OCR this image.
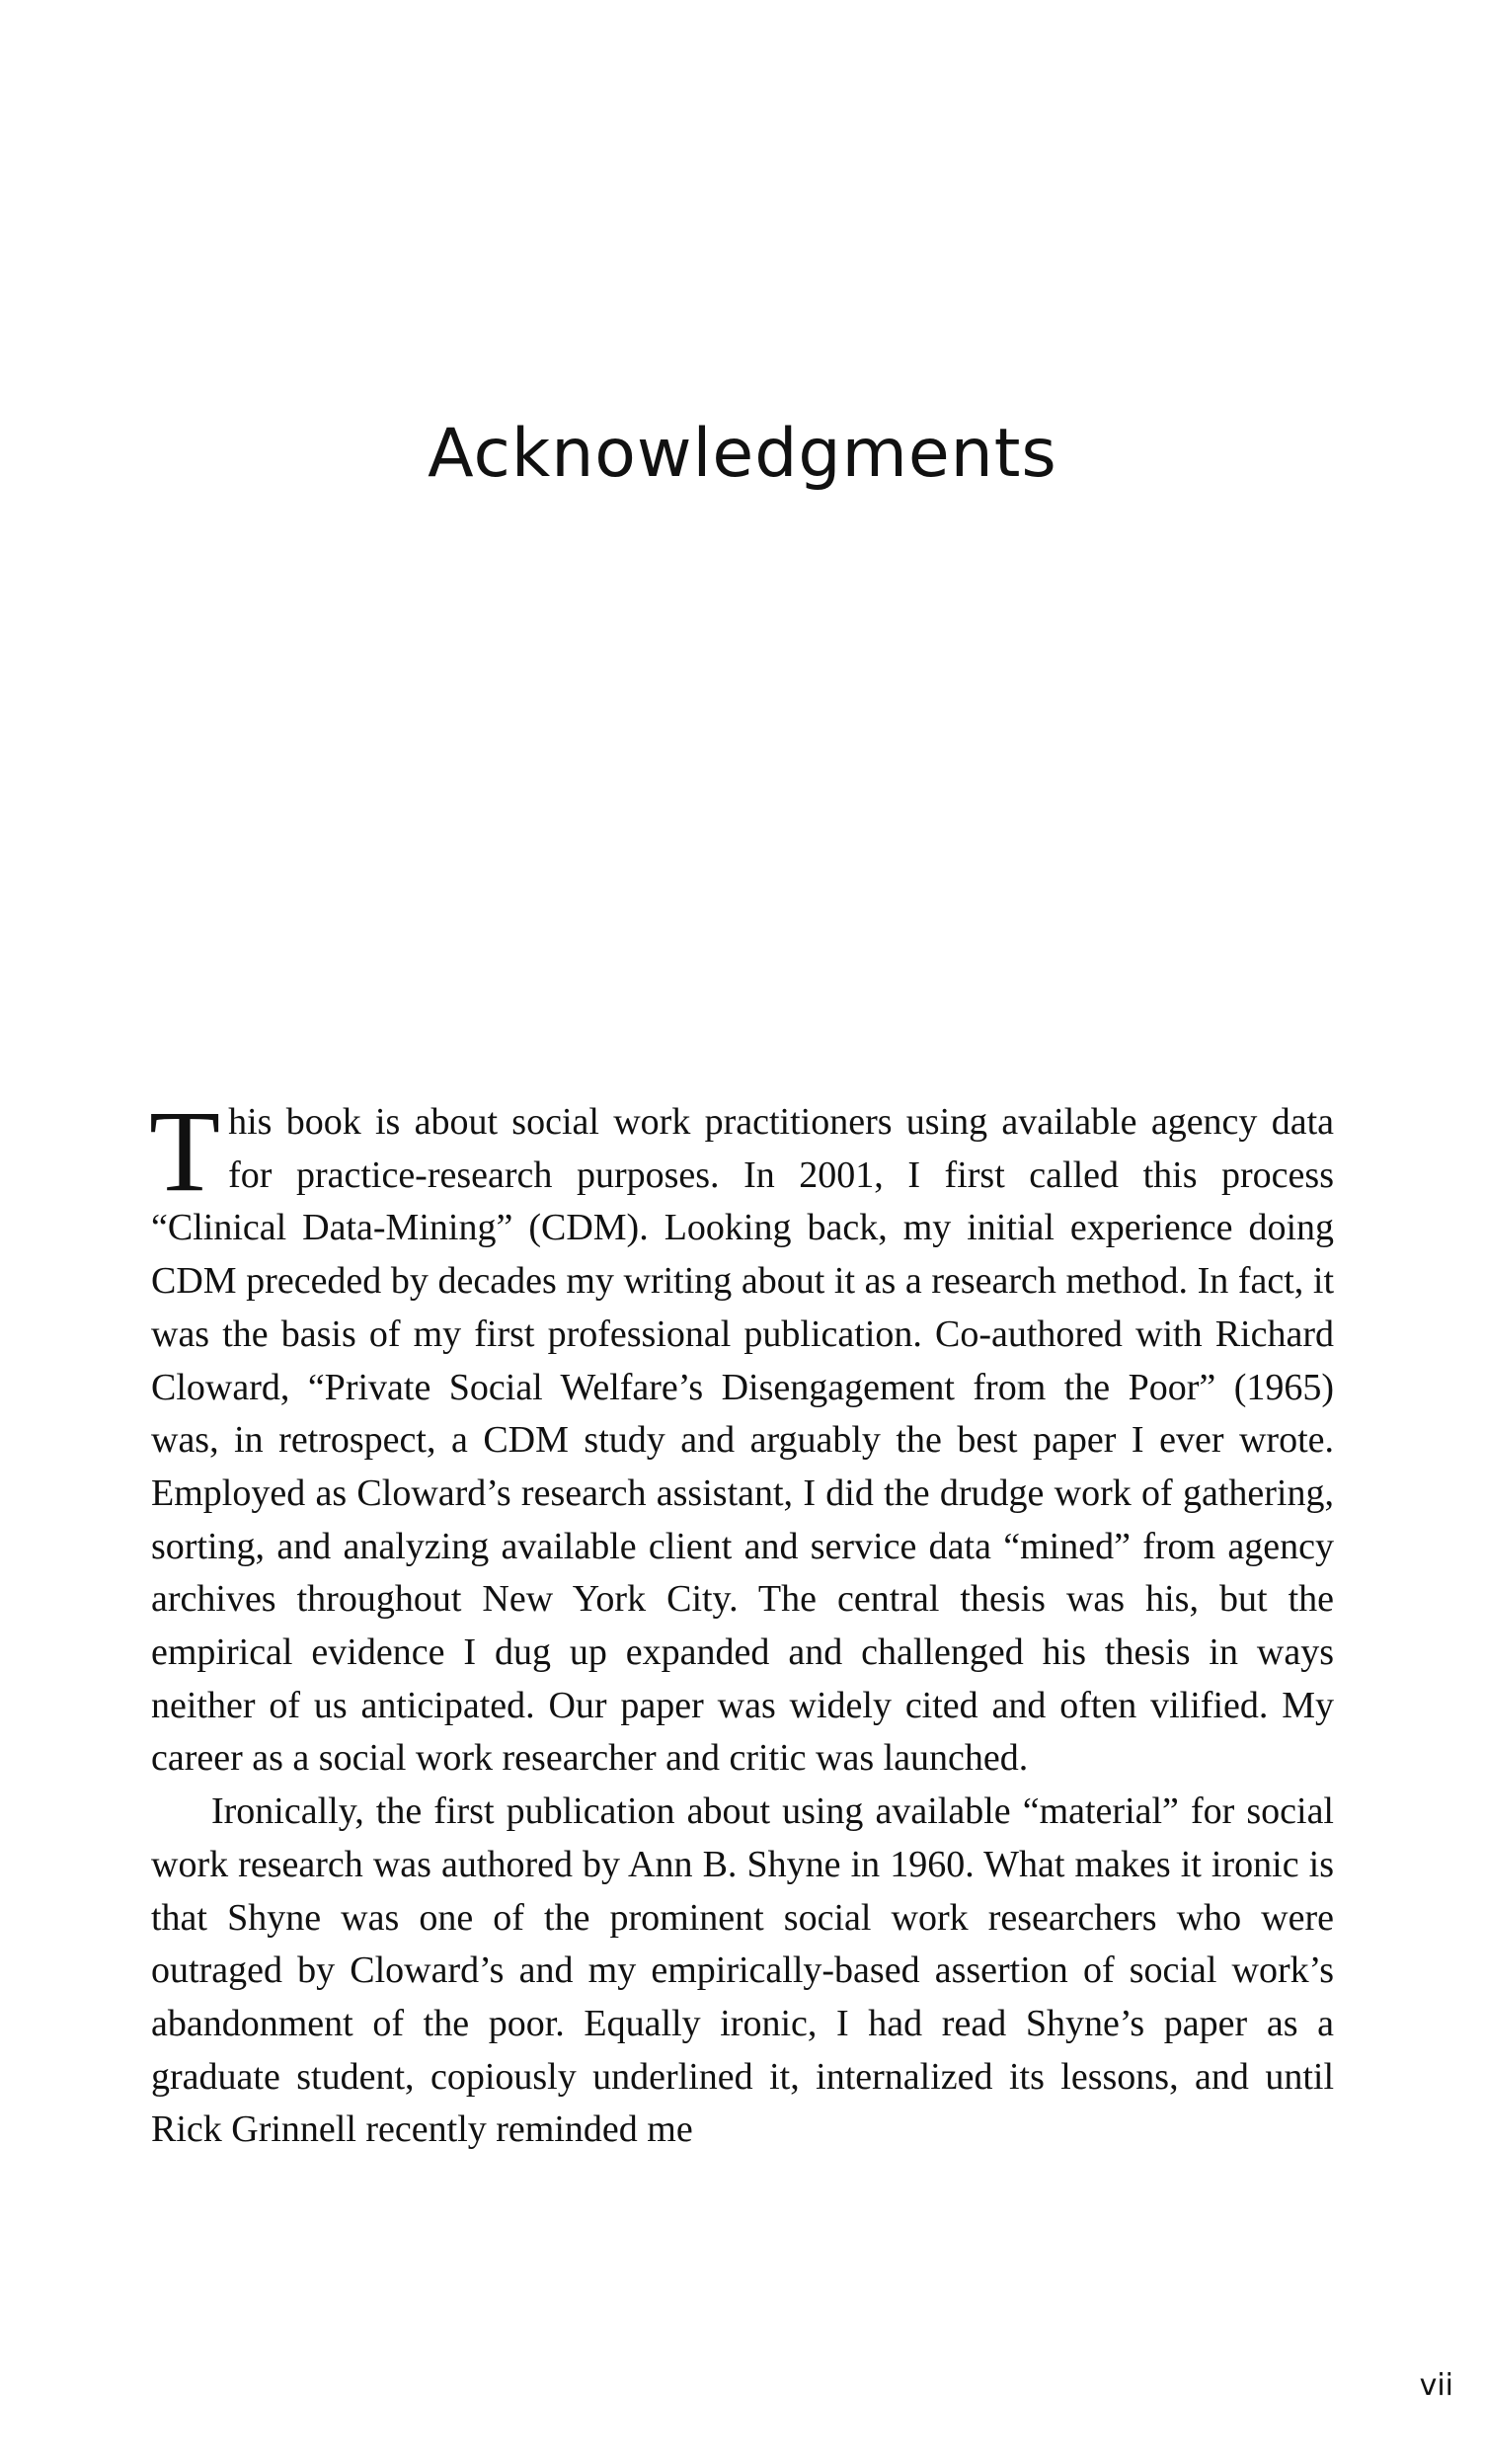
Acknowledgments

This book is about social work practitioners using available agency data for practice-research purposes. In 2001, I first called this process “Clinical Data-Mining” (CDM). Looking back, my initial experience doing CDM preceded by decades my writing about it as a research method. In fact, it was the basis of my first professional publication. Co-authored with Richard Cloward, “Private Social Welfare’s Disengagement from the Poor” (1965) was, in retrospect, a CDM study and arguably the best paper I ever wrote. Employed as Cloward’s research assistant, I did the drudge work of gathering, sorting, and analyzing available client and service data “mined” from agency archives throughout New York City. The central thesis was his, but the empirical evidence I dug up expanded and challenged his thesis in ways neither of us anticipated. Our paper was widely cited and often vilified. My career as a social work researcher and critic was launched.

Ironically, the first publication about using available “material” for social work research was authored by Ann B. Shyne in 1960. What makes it ironic is that Shyne was one of the prominent social work researchers who were outraged by Cloward’s and my empirically-based assertion of social work’s abandonment of the poor. Equally ironic, I had read Shyne’s paper as a graduate student, copiously underlined it, internalized its lessons, and until Rick Grinnell recently reminded me

vii
